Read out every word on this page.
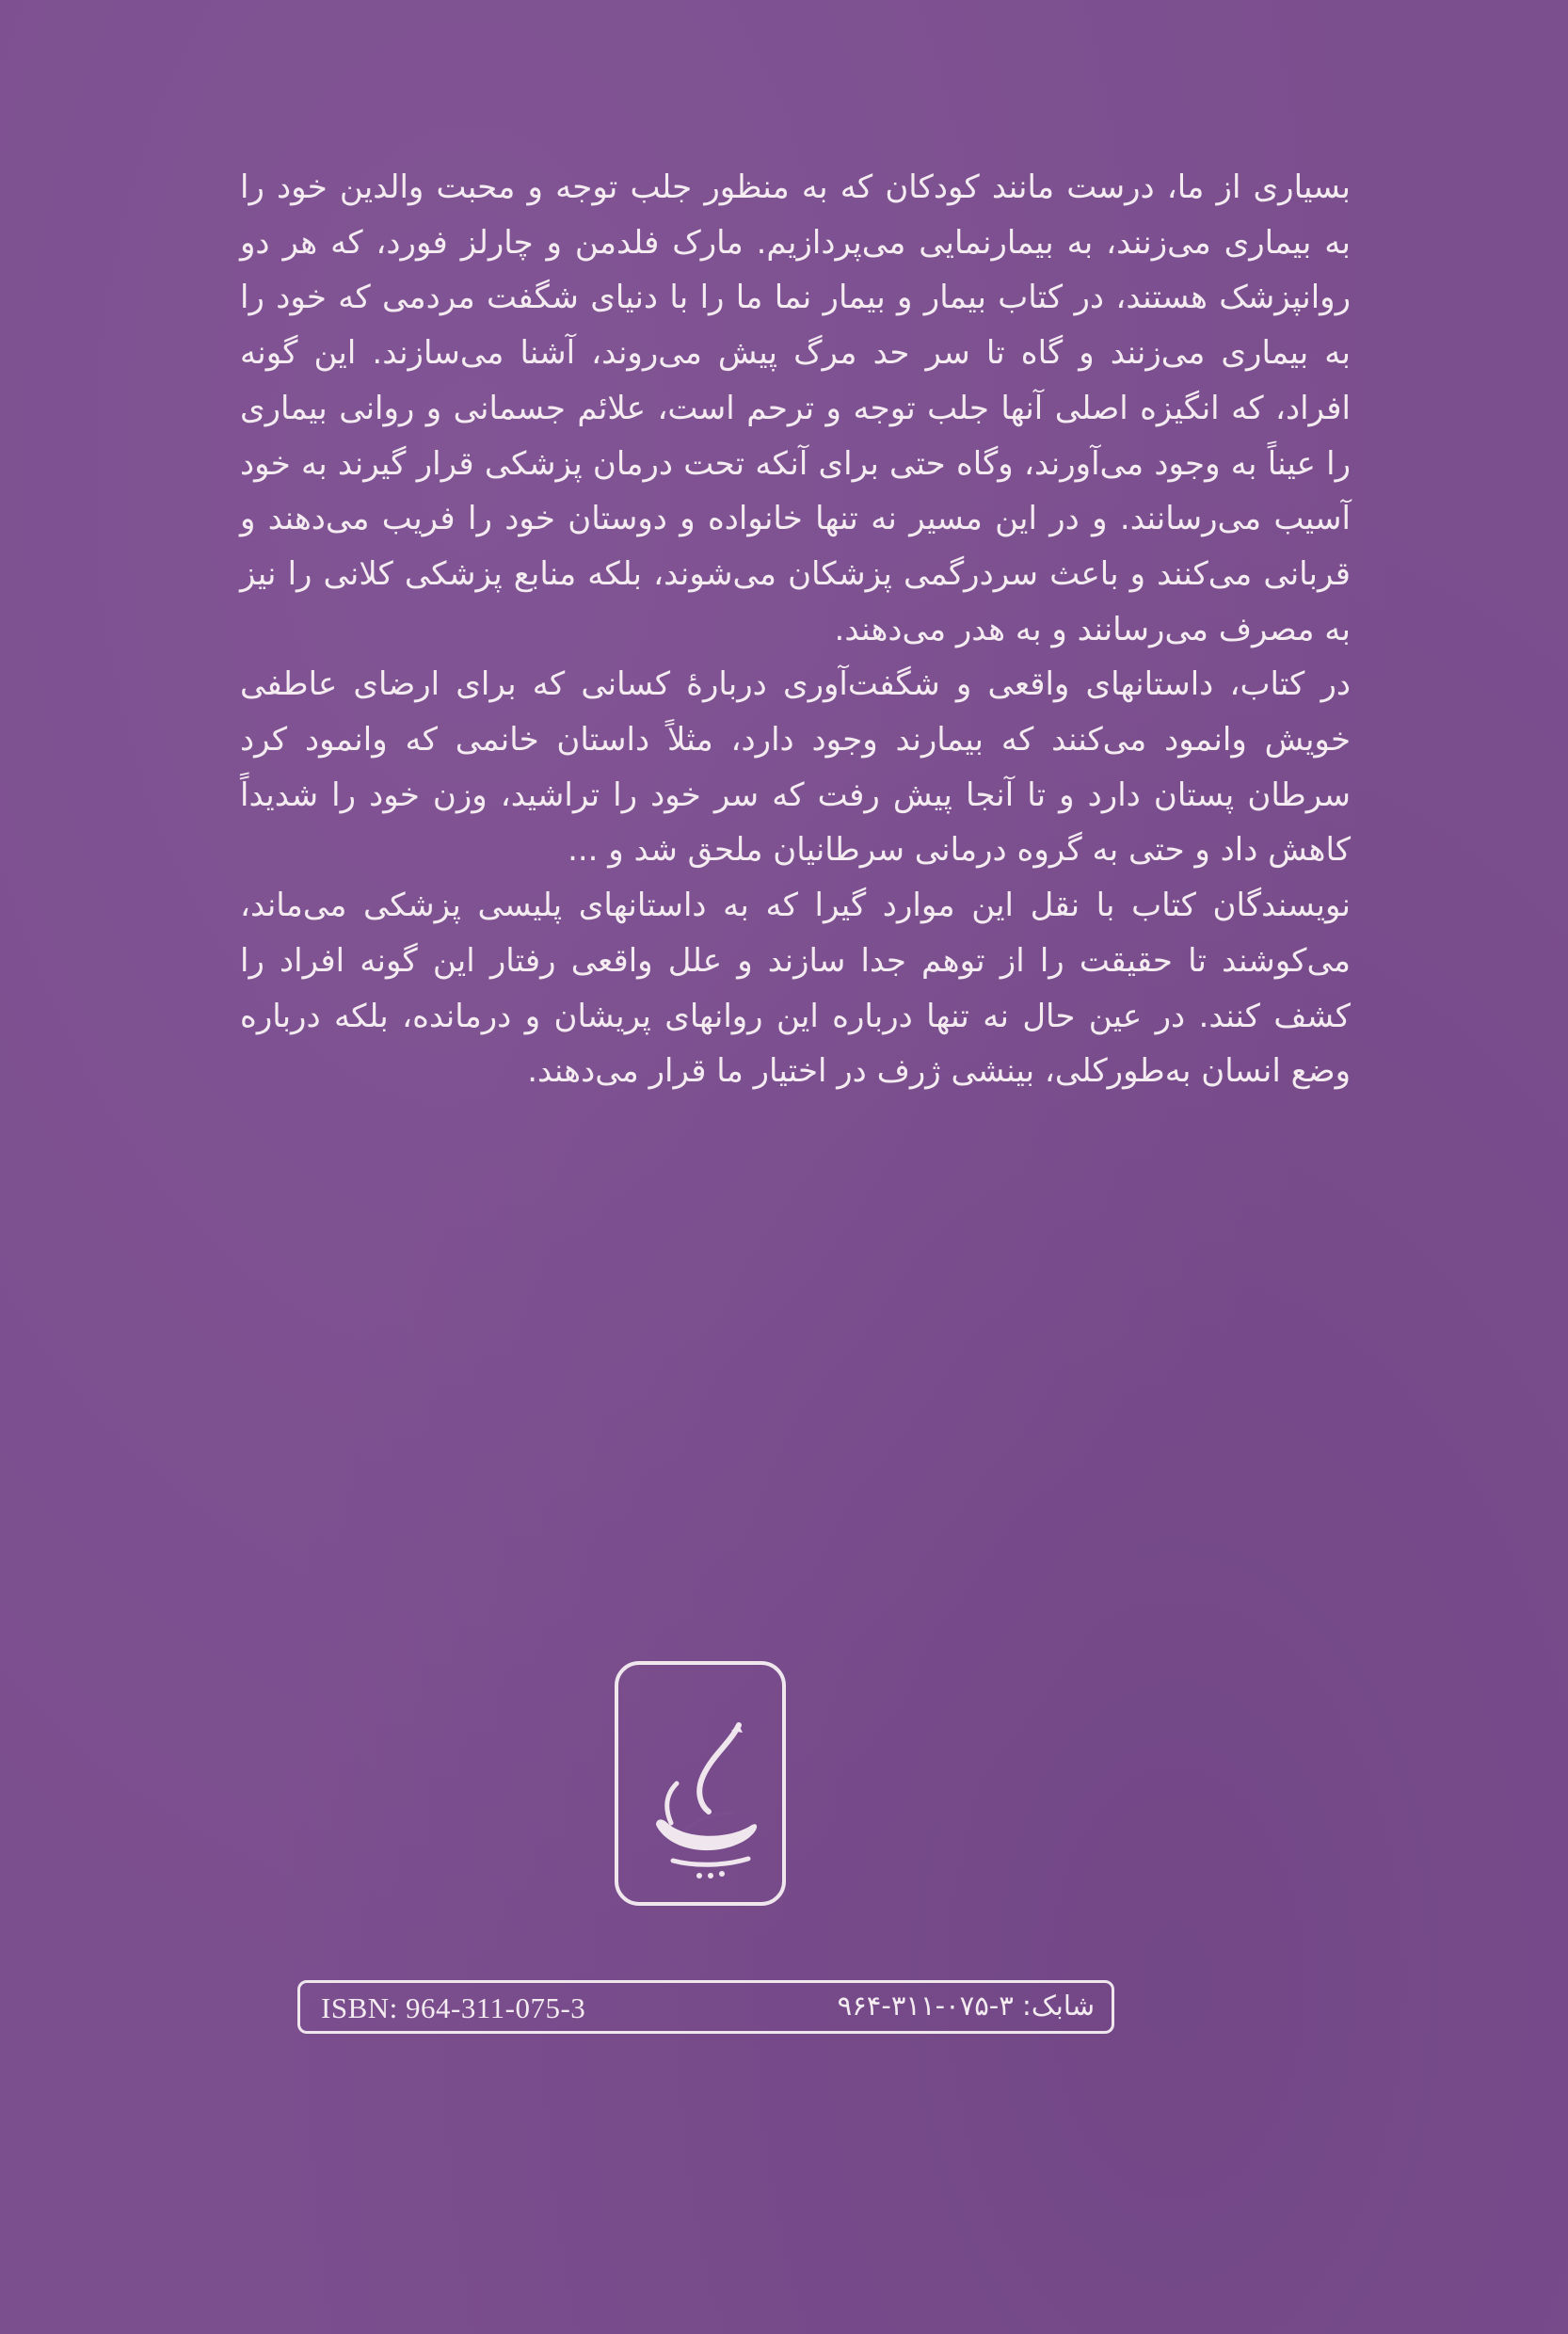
بسیاری از ما، درست مانند کودکان که به منظور جلب توجه و محبت والدین خود را به بیماری می‌زنند، به بیمارنمایی می‌پردازیم. مارک فلدمن و چارلز فورد، که هر دو روانپزشک هستند، در کتاب بیمار و بیمار نما ما را با دنیای شگفت مردمی که خود را به بیماری می‌زنند و گاه تا سر حد مرگ پیش می‌روند، آشنا می‌سازند. این گونه افراد، که انگیزه اصلی آنها جلب توجه و ترحم است، علائم جسمانی و روانی بیماری را عیناً به وجود می‌آورند، وگاه حتی برای آنکه تحت درمان پزشکی قرار گیرند به خود آسیب می‌رسانند. و در این مسیر نه تنها خانواده و دوستان خود را فریب می‌دهند و قربانی می‌کنند و باعث سردرگمی پزشکان می‌شوند، بلکه منابع پزشکی کلانی را نیز به مصرف می‌رسانند و به هدر می‌دهند.

در کتاب، داستانهای واقعی و شگفت‌آوری دربارهٔ کسانی که برای ارضای عاطفی خویش وانمود می‌کنند که بیمارند وجود دارد، مثلاً داستان خانمی که وانمود کرد سرطان پستان دارد و تا آنجا پیش رفت که سر خود را تراشید، وزن خود را شدیداً کاهش داد و حتی به گروه درمانی سرطانیان ملحق شد و ...

نویسندگان کتاب با نقل این موارد گیرا که به داستانهای پلیسی پزشکی می‌ماند، می‌کوشند تا حقیقت را از توهم جدا سازند و علل واقعی رفتار این گونه افراد را کشف کنند. در عین حال نه تنها درباره این روانهای پریشان و درمانده، بلکه درباره وضع انسان به‌طورکلی، بینشی ژرف در اختیار ما قرار می‌دهند.

ISBN: 964-311-075-3	شابک: ۳-۰۷۵-۳۱۱-۹۶۴
